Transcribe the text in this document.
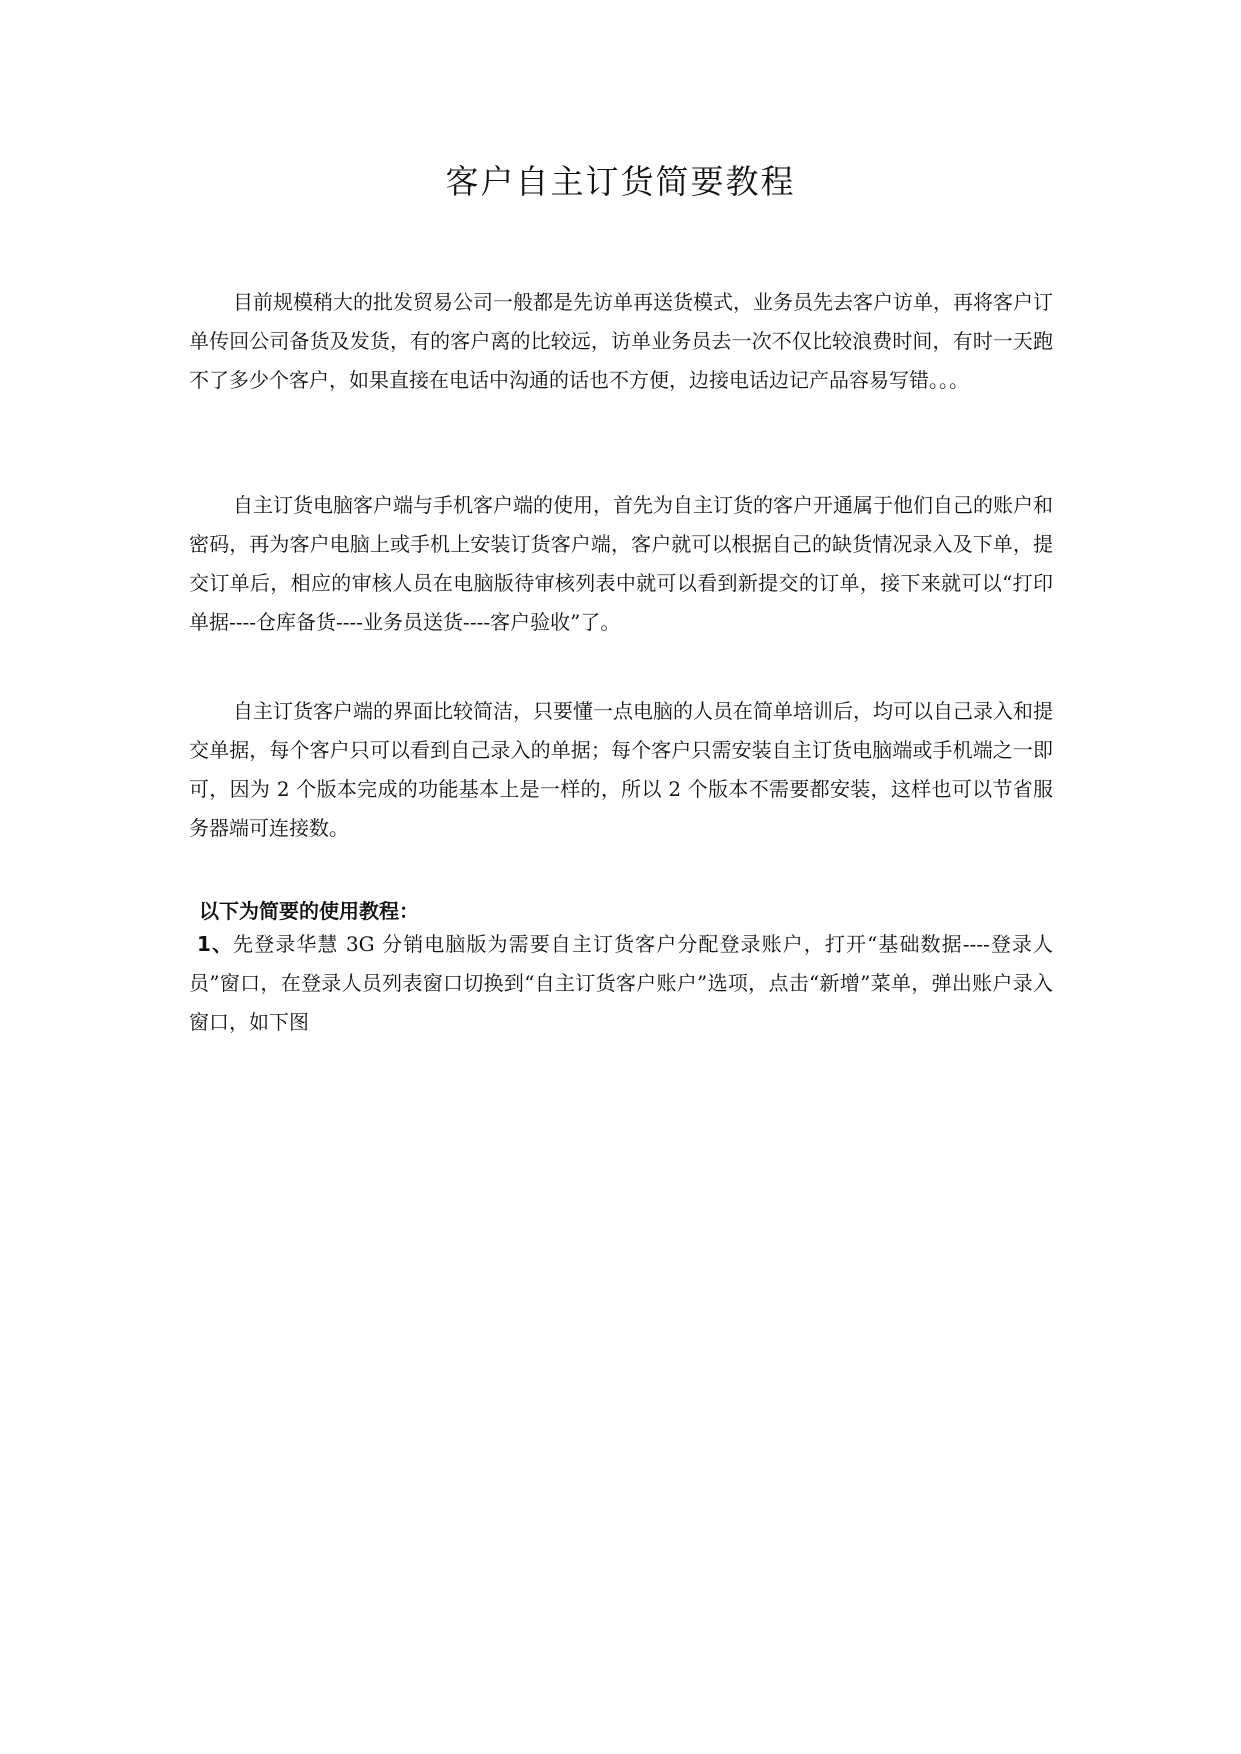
客户自主订货简要教程

目前规模稍大的批发贸易公司一般都是先访单再送货模式，业务员先去客户访单，再将客户订单传回公司备货及发货，有的客户离的比较远，访单业务员去一次不仅比较浪费时间，有时一天跑不了多少个客户，如果直接在电话中沟通的话也不方便，边接电话边记产品容易写错。。。

自主订货电脑客户端与手机客户端的使用，首先为自主订货的客户开通属于他们自己的账户和密码，再为客户电脑上或手机上安装订货客户端，客户就可以根据自己的缺货情况录入及下单，提交订单后，相应的审核人员在电脑版待审核列表中就可以看到新提交的订单，接下来就可以“打印单据----仓库备货----业务员送货----客户验收”了。

自主订货客户端的界面比较简洁，只要懂一点电脑的人员在简单培训后，均可以自己录入和提交单据，每个客户只可以看到自己录入的单据；每个客户只需安装自主订货电脑端或手机端之一即可，因为 2 个版本完成的功能基本上是一样的，所以 2 个版本不需要都安装，这样也可以节省服务器端可连接数。

以下为简要的使用教程：

1、先登录华慧 3G 分销电脑版为需要自主订货客户分配登录账户，打开“基础数据----登录人员”窗口，在登录人员列表窗口切换到“自主订货客户账户”选项，点击“新增”菜单，弹出账户录入窗口，如下图
